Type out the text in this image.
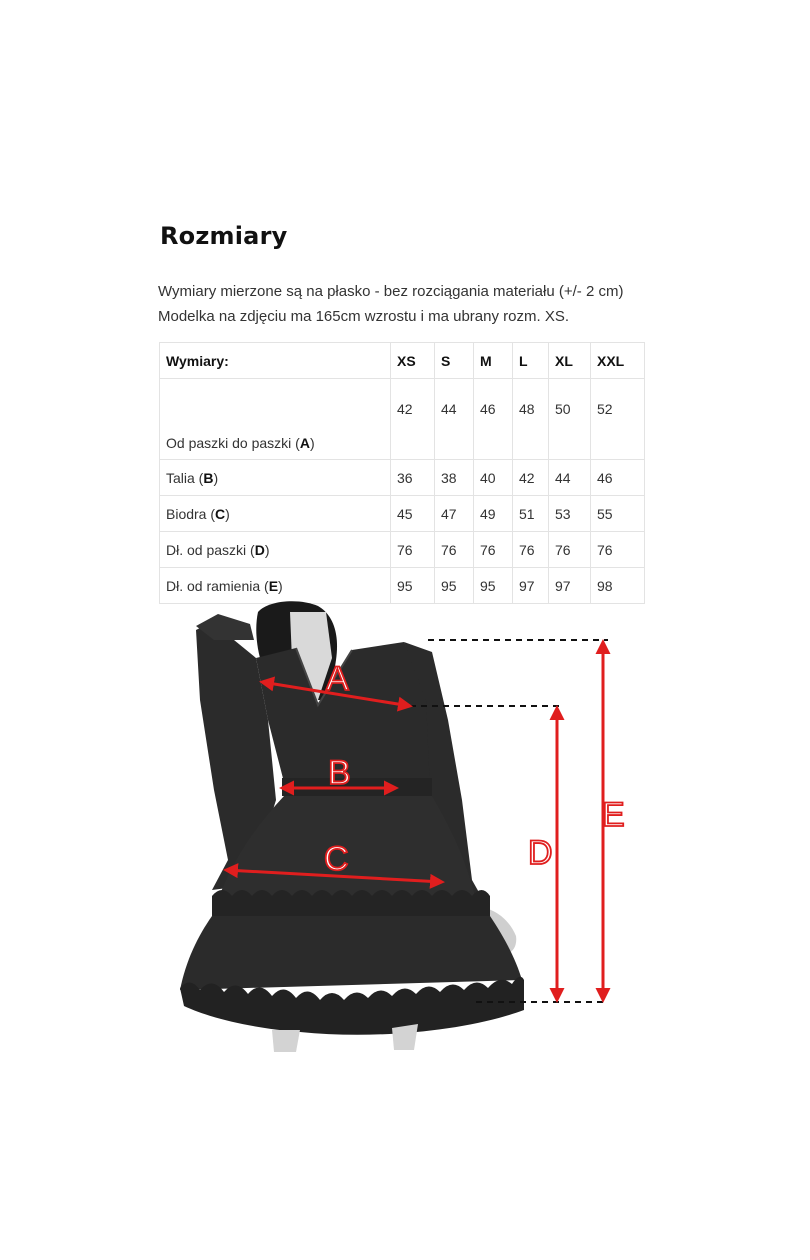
Rozmiary
Wymiary mierzone są na płasko - bez rozciągania materiału (+/- 2 cm)
Modelka na zdjęciu ma 165cm wzrostu i ma ubrany rozm. XS.
Wymiary:	XS	S	M	L	XL	XXL
Od paszki do paszki (A)	42	44	46	48	50	52
Talia (B)	36	38	40	42	44	46
Biodra (C)	45	47	49	51	53	55
Dł. od paszki (D)	76	76	76	76	76	76
Dł. od ramienia (E)	95	95	95	97	97	98
A
B
C	D
E
